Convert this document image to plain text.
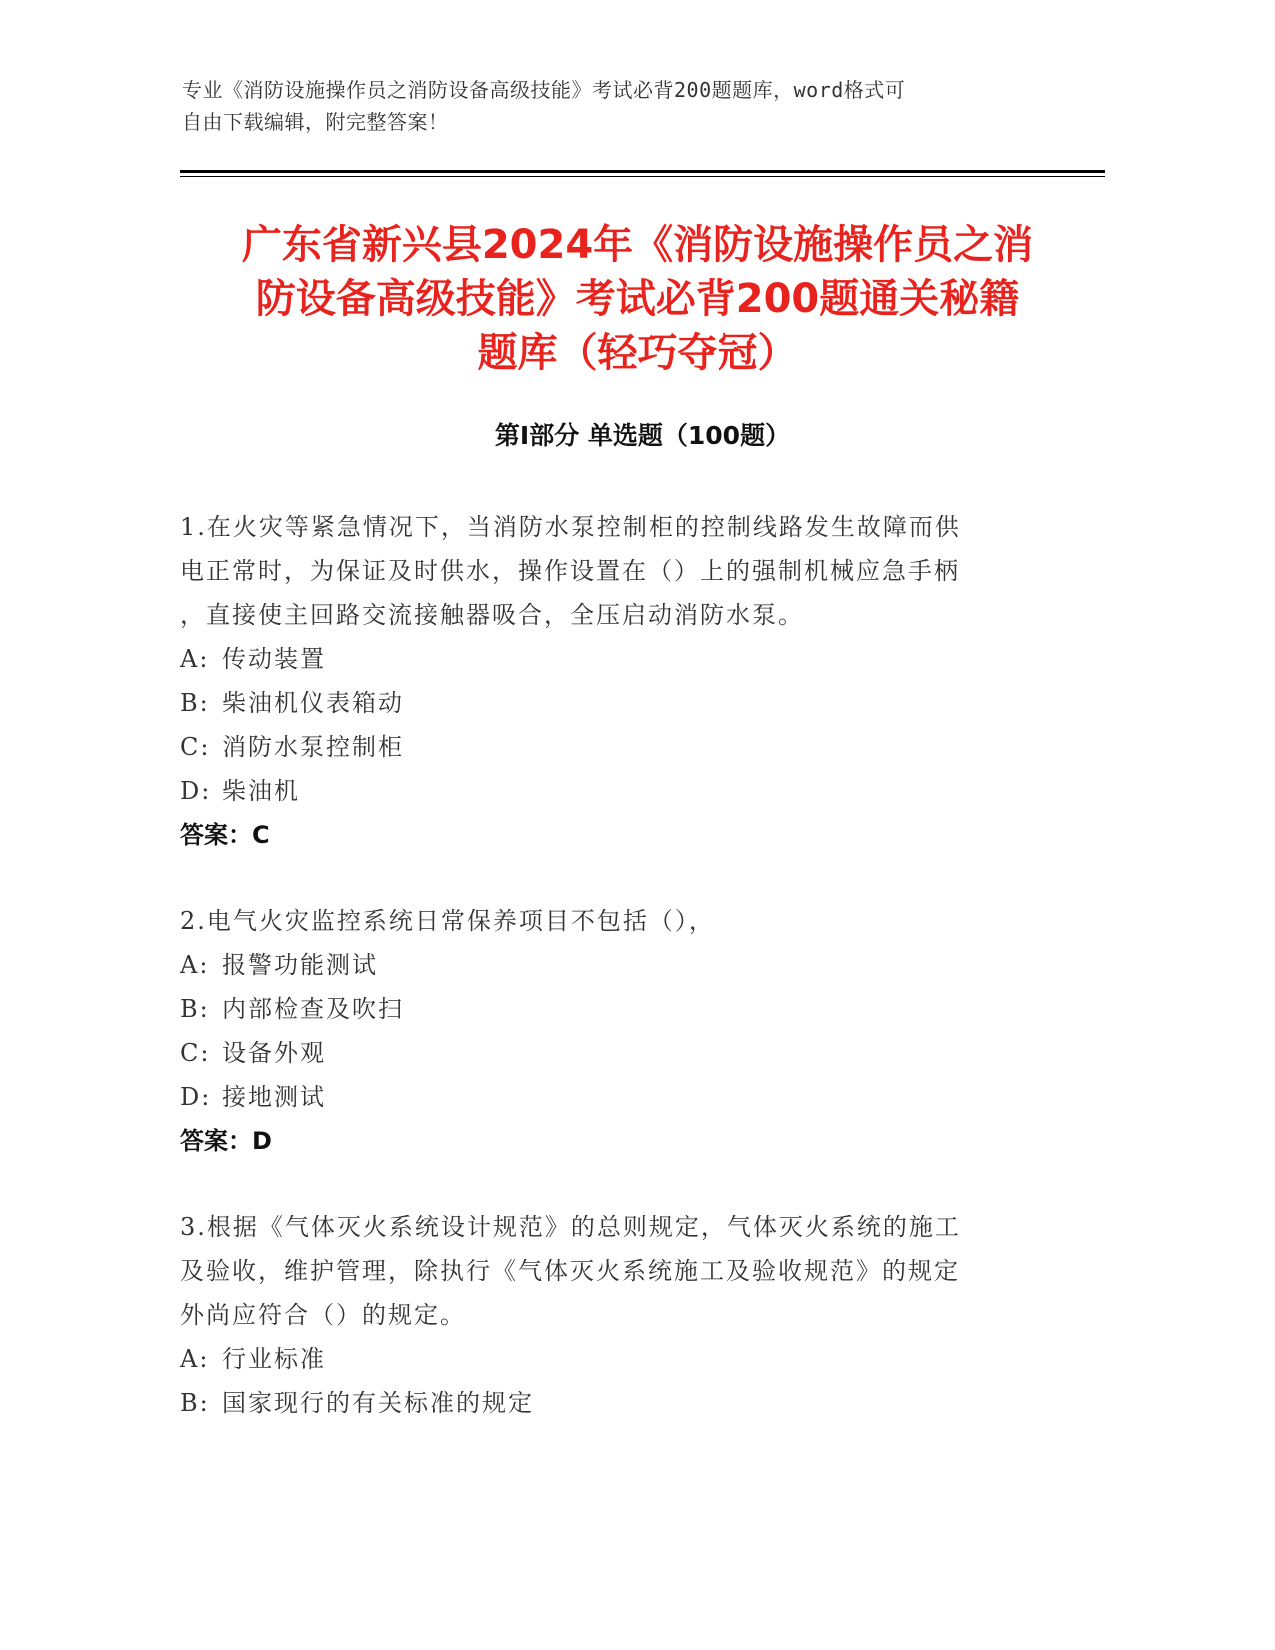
专业《消防设施操作员之消防设备高级技能》考试必背200题题库，word格式可
自由下载编辑，附完整答案！
广东省新兴县2024年《消防设施操作员之消
防设备高级技能》考试必背200题通关秘籍
题库（轻巧夺冠）
第I部分 单选题（100题）
1.在火灾等紧急情况下，当消防水泵控制柜的控制线路发生故障而供
电正常时，为保证及时供水，操作设置在（）上的强制机械应急手柄
，直接使主回路交流接触器吸合，全压启动消防水泵。
A: 传动装置
B: 柴油机仪表箱动
C: 消防水泵控制柜
D: 柴油机
答案：C
2.电气火灾监控系统日常保养项目不包括（），
A: 报警功能测试
B: 内部检查及吹扫
C: 设备外观
D: 接地测试
答案：D
3.根据《气体灭火系统设计规范》的总则规定，气体灭火系统的施工
及验收，维护管理，除执行《气体灭火系统施工及验收规范》的规定
外尚应符合（）的规定。
A: 行业标准
B: 国家现行的有关标准的规定
